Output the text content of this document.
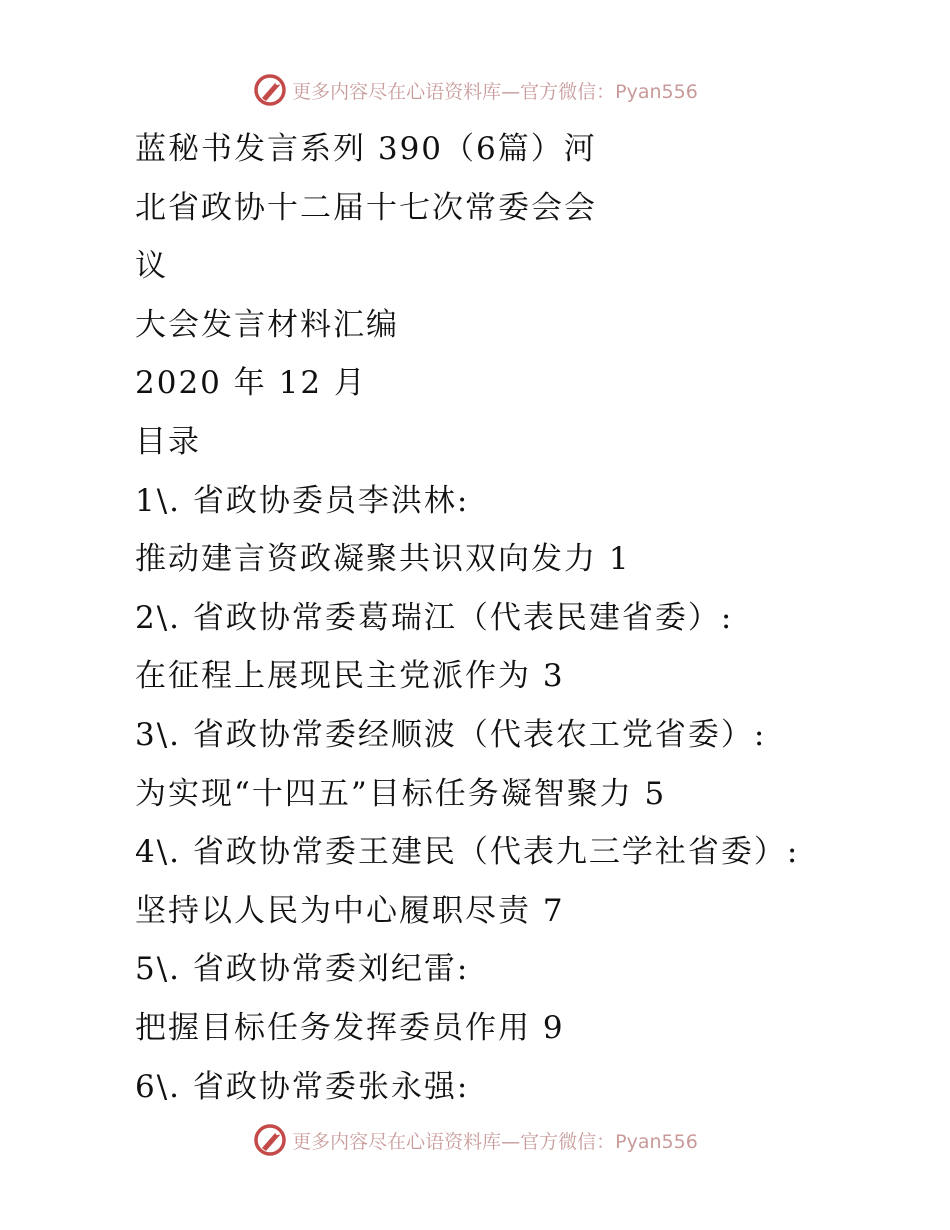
更多内容尽在心语资料库—官方微信：Pyan556
蓝秘书发言系列 390（6篇）河
北省政协十二届十七次常委会会
议
大会发言材料汇编
2020 年 12 月
目录
1\. 省政协委员李洪林:
推动建言资政凝聚共识双向发力 1
2\. 省政协常委葛瑞江（代表民建省委）:
在征程上展现民主党派作为 3
3\. 省政协常委经顺波（代表农工党省委）:
为实现“十四五”目标任务凝智聚力 5
4\. 省政协常委王建民（代表九三学社省委）:
坚持以人民为中心履职尽责 7
5\. 省政协常委刘纪雷:
把握目标任务发挥委员作用 9
6\. 省政协常委张永强:
更多内容尽在心语资料库—官方微信：Pyan556
